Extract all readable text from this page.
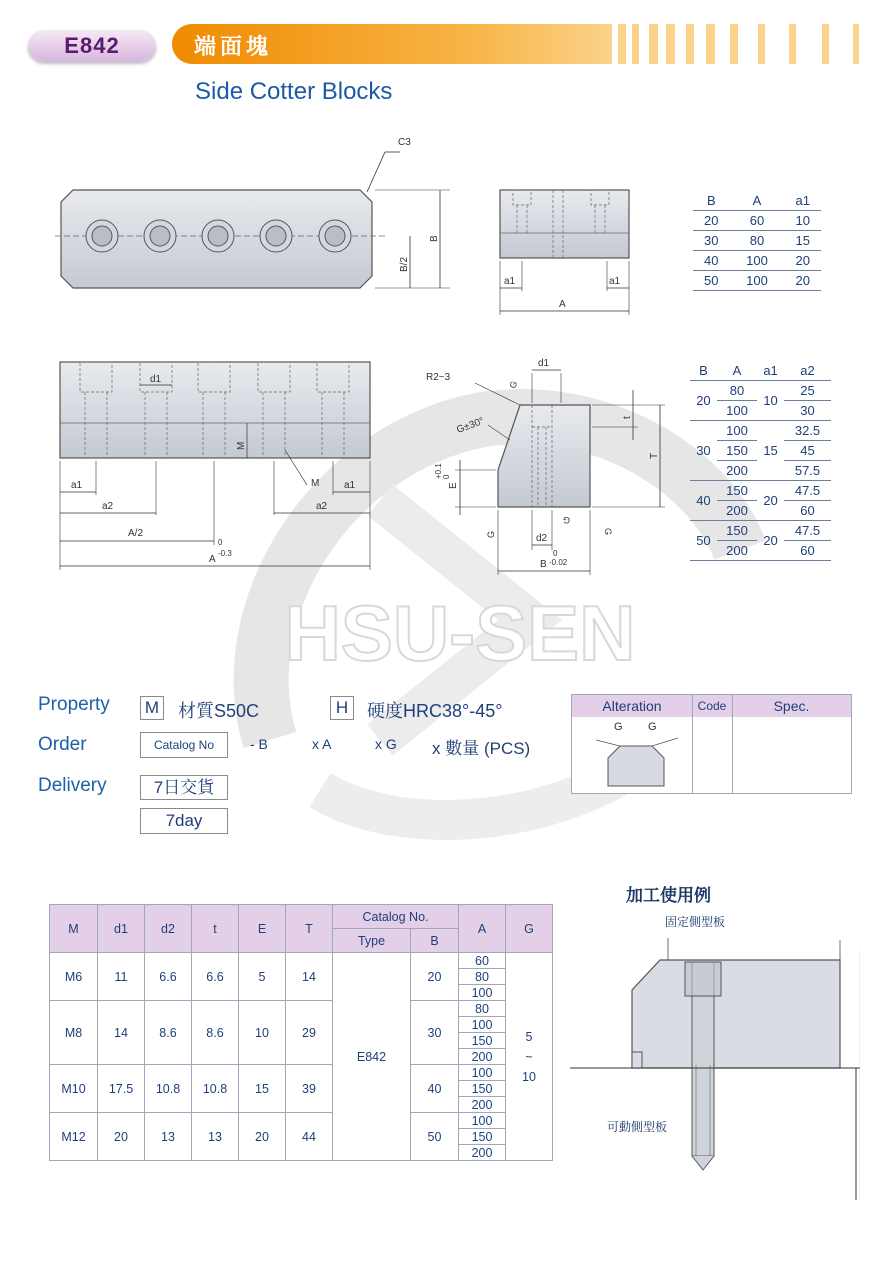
E842	端面塊
Side Cotter Blocks
HSU-SEN
C3
B
B/2
a1	a1
A
B	A	a1
20	60	10
30	80	15
40	100	20
50	100	20
d1
M
M
a1	a1
a2	a2
A/2
A
0
-0.3
d1
R2~3
G±30°
G
t
T
E
+0.1 0
d2
B
0
-0.02
G
G
G
B	A	a1	a2
20	80	10	25
	100		30
30	100	15	32.5
	150		45
	200		57.5
40	150	20	47.5
	200		60
50	150	20	47.5
	200		60
Property M 材質S50C	H	硬度HRC38°-45°
Order	Catalog No	- B	x A	x G x 數量 (PCS)
Delivery	7日交貨
7day
Alteration	Code	Spec.
G G
M	d1	d2	t	E	T	Catalog No.		A	G
						Type	B		
M6	11	6.6	6.6	5	14	E842	20	60	5
~
10

								80	
								100	
M8	14	8.6	8.6	10	29		30	80	
								100	
								150	
								200	
M10	17.5	10.8	10.8	15	39		40	100	
								150	
								200	
M12	20	13	13	20	44		50	100	
								150	
								200	
加工使用例
固定側型板
可動側型板
